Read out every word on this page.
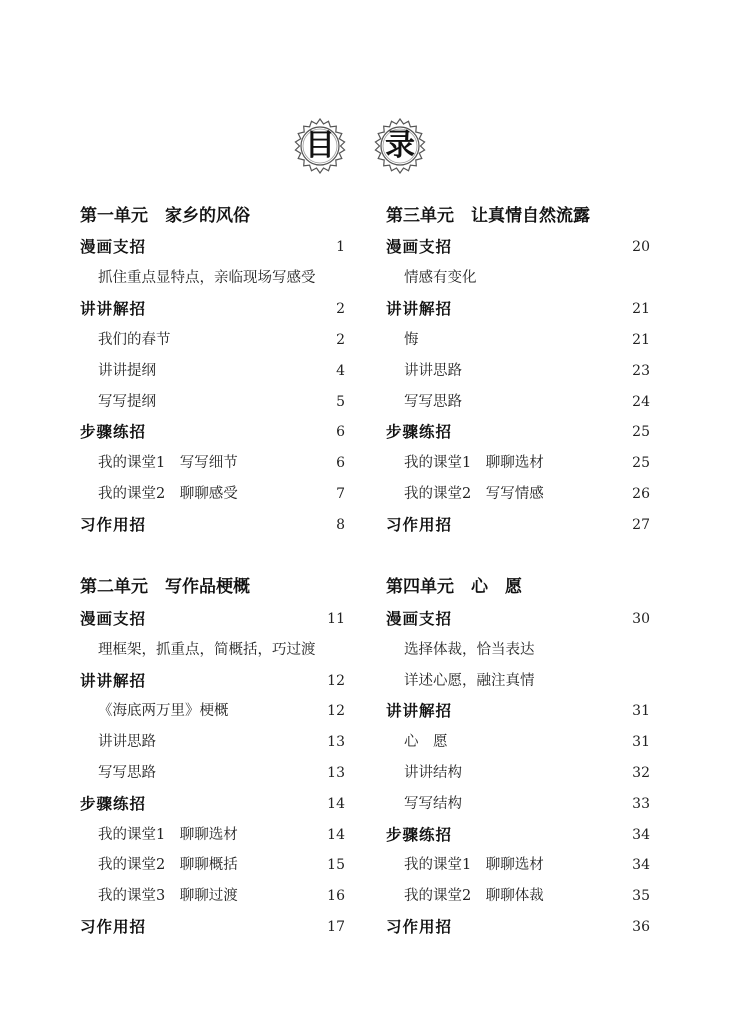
目	录
第一单元　家乡的风俗
漫画支招	1
抓住重点显特点，亲临现场写感受
讲讲解招	2
我们的春节	2
讲讲提纲	4
写写提纲	5
步骤练招	6
我的课堂1　写写细节	6
我的课堂2　聊聊感受	7
习作用招	8
第三单元　让真情自然流露
漫画支招	20
情感有变化
讲讲解招	21
悔	21
讲讲思路	23
写写思路	24
步骤练招	25
我的课堂1　聊聊选材	25
我的课堂2　写写情感	26
习作用招	27
第二单元　写作品梗概
漫画支招	11
理框架，抓重点，简概括，巧过渡
讲讲解招	12
《海底两万里》梗概	12
讲讲思路	13
写写思路	13
步骤练招	14
我的课堂1　聊聊选材	14
我的课堂2　聊聊概括	15
我的课堂3　聊聊过渡	16
习作用招	17
第四单元　心　愿
漫画支招	30
选择体裁，恰当表达
详述心愿，融注真情
讲讲解招	31
心　愿	31
讲讲结构	32
写写结构	33
步骤练招	34
我的课堂1　聊聊选材	34
我的课堂2　聊聊体裁	35
习作用招	36
